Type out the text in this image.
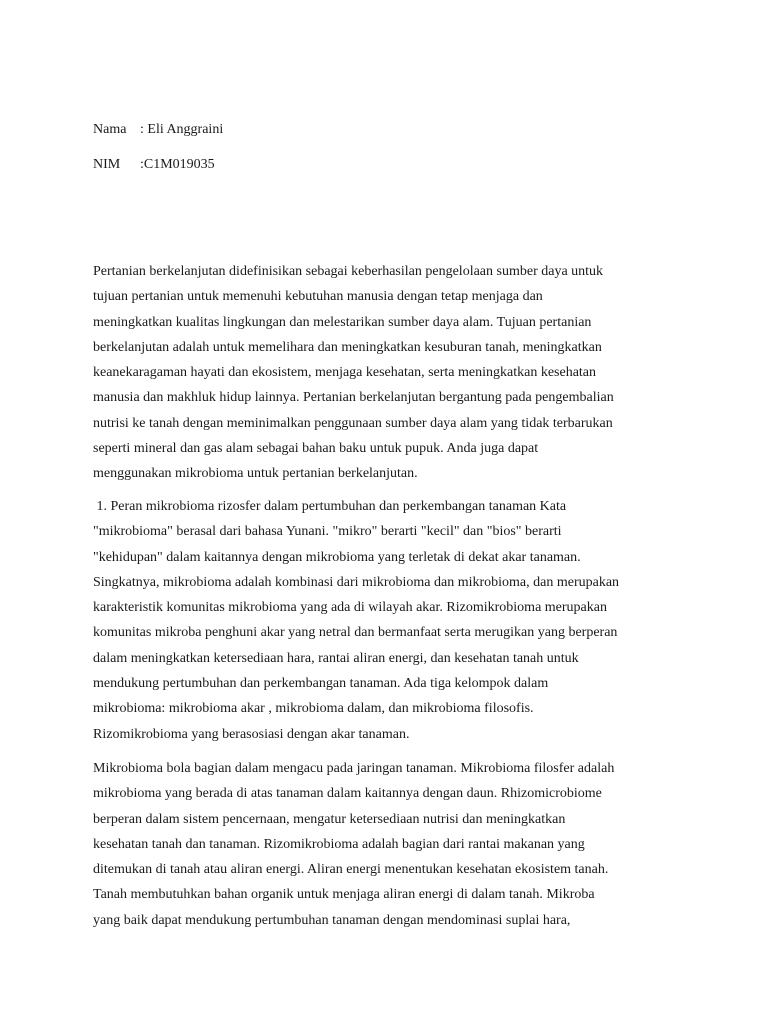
Nama : Eli Anggraini
NIM :C1M019035
Pertanian berkelanjutan didefinisikan sebagai keberhasilan pengelolaan sumber daya untuk
tujuan pertanian untuk memenuhi kebutuhan manusia dengan tetap menjaga dan
meningkatkan kualitas lingkungan dan melestarikan sumber daya alam. Tujuan pertanian
berkelanjutan adalah untuk memelihara dan meningkatkan kesuburan tanah, meningkatkan
keanekaragaman hayati dan ekosistem, menjaga kesehatan, serta meningkatkan kesehatan
manusia dan makhluk hidup lainnya. Pertanian berkelanjutan bergantung pada pengembalian
nutrisi ke tanah dengan meminimalkan penggunaan sumber daya alam yang tidak terbarukan
seperti mineral dan gas alam sebagai bahan baku untuk pupuk. Anda juga dapat
menggunakan mikrobioma untuk pertanian berkelanjutan.
1. Peran mikrobioma rizosfer dalam pertumbuhan dan perkembangan tanaman Kata
"mikrobioma" berasal dari bahasa Yunani. "mikro" berarti "kecil" dan "bios" berarti
"kehidupan" dalam kaitannya dengan mikrobioma yang terletak di dekat akar tanaman.
Singkatnya, mikrobioma adalah kombinasi dari mikrobioma dan mikrobioma, dan merupakan
karakteristik komunitas mikrobioma yang ada di wilayah akar. Rizomikrobioma merupakan
komunitas mikroba penghuni akar yang netral dan bermanfaat serta merugikan yang berperan
dalam meningkatkan ketersediaan hara, rantai aliran energi, dan kesehatan tanah untuk
mendukung pertumbuhan dan perkembangan tanaman. Ada tiga kelompok dalam
mikrobioma: mikrobioma akar , mikrobioma dalam, dan mikrobioma filosofis.
Rizomikrobioma yang berasosiasi dengan akar tanaman.
Mikrobioma bola bagian dalam mengacu pada jaringan tanaman. Mikrobioma filosfer adalah
mikrobioma yang berada di atas tanaman dalam kaitannya dengan daun. Rhizomicrobiome
berperan dalam sistem pencernaan, mengatur ketersediaan nutrisi dan meningkatkan
kesehatan tanah dan tanaman. Rizomikrobioma adalah bagian dari rantai makanan yang
ditemukan di tanah atau aliran energi. Aliran energi menentukan kesehatan ekosistem tanah.
Tanah membutuhkan bahan organik untuk menjaga aliran energi di dalam tanah. Mikroba
yang baik dapat mendukung pertumbuhan tanaman dengan mendominasi suplai hara,
